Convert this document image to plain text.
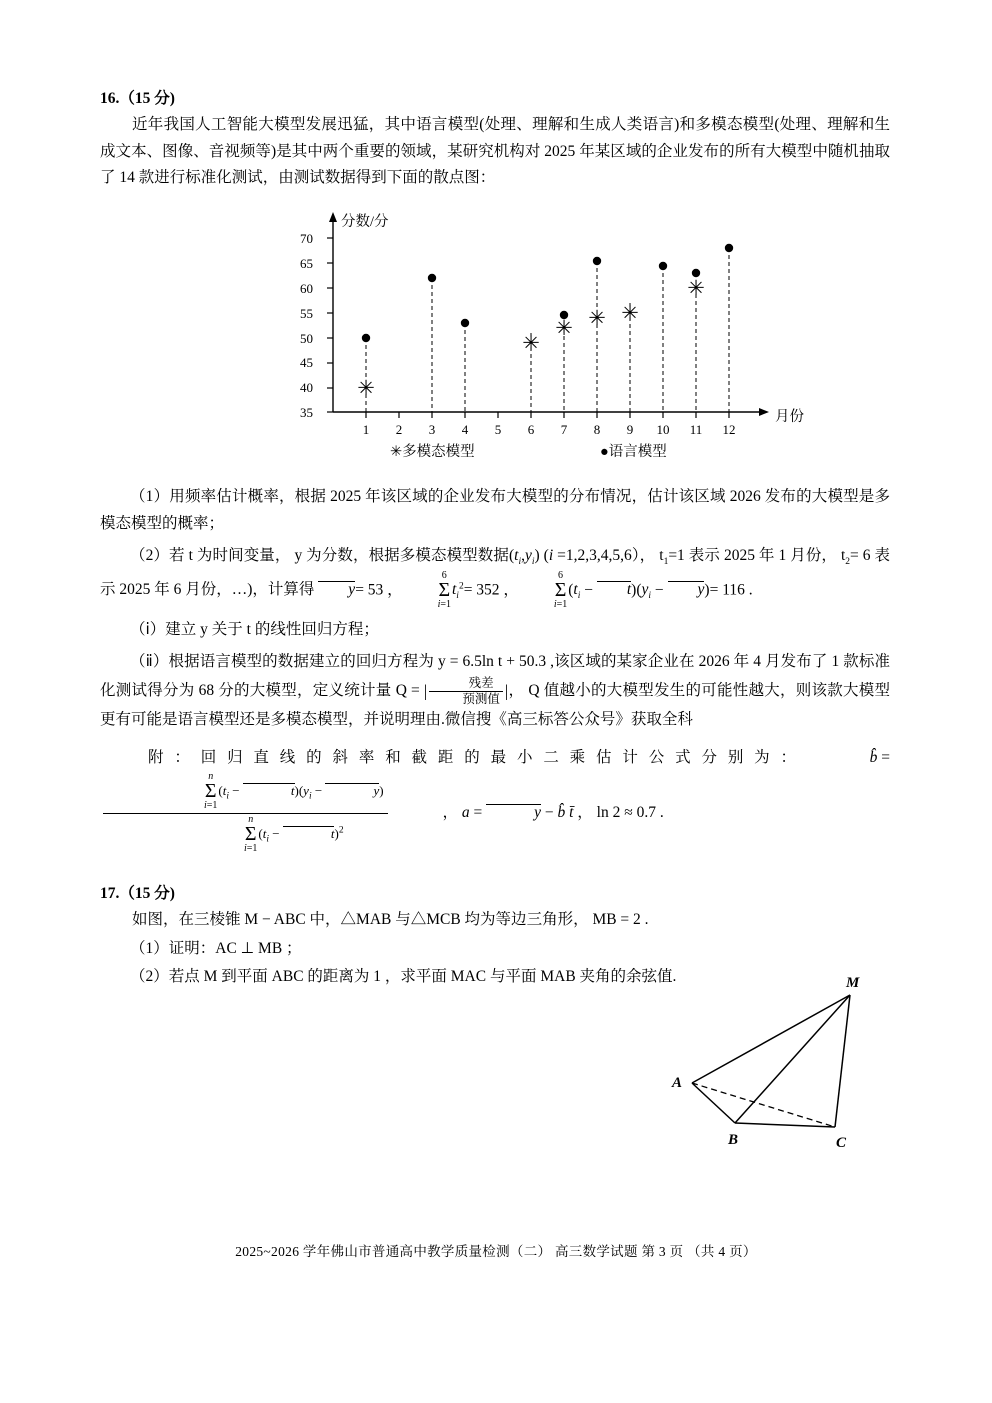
16.（15 分)

近年我国人工智能大模型发展迅猛，其中语言模型(处理、理解和生成人类语言)和多模态模型(处理、理解和生成文本、图像、音视频等)是其中两个重要的领域，某研究机构对 2025 年某区域的企业发布的所有大模型中随机抽取了 14 款进行标准化测试，由测试数据得到下面的散点图：

70
65
60
55
50
45
40
35
分数/分
月份
1 2 3 4 5 6 7 8 9 10 11 12
✳
✳
✳ ✳ ✳
✳
✳多模态模型	●语言模型

（1）用频率估计概率，根据 2025 年该区域的企业发布大模型的分布情况，估计该区域 2026 发布的大模型是多模态模型的概率；

（2）若 t 为时间变量， y 为分数，根据多模态模型数据$(t_i,y_i)$ (i =1,2,3,4,5,6）， $t_1=1$ 表示 2025 年 1 月份， $t_2= 6$ 表示 2025 年 6 月份，…)，计算得 y= 53 ，
6
Σ
i=1
$t_i^2= 352$ ，
6
Σ
i=1
$(t_i - t)(y_i - y)= 116$ .

（ⅰ）建立 y 关于 t 的线性回归方程；

（ⅱ）根据语言模型的数据建立的回归方程为 y = 6.5ln t + 50.3 ,该区域的某家企业在 2026 年 4 月发布了 1 款标准化测试得分为 68 分的大模型，定义统计量 Q = | $\frac{\text{残差}}{\text{预测值}}$ |， Q 值越小的大模型发生的可能性越大，则该款大模型更有可能是语言模型还是多模态模型，并说明理由.微信搜《高三标答公众号》获取全科

附：回归直线的斜率和截距的最小二乘估计公式分别为：	b̂ =
n
Σ
i=1
($t_i$ −	$t)(y_i$ −	y)
n
Σ
i=1
($t_i$ −	t)$^2$	， a =	y − b̂ t̄ ， ln 2 ≈ 0.7 .

17.（15 分)

如图，在三棱锥 M − ABC 中，△MAB 与△MCB 均为等边三角形， MB = 2 .

（1）证明：AC ⊥ MB ；

（2）若点 M 到平面 ABC 的距离为 1 ，求平面 MAC 与平面 MAB 夹角的余弦值.	M
A
B	C
2025~2026 学年佛山市普通高中教学质量检测（二） 高三数学试题 第 3 页 （共 4 页）
